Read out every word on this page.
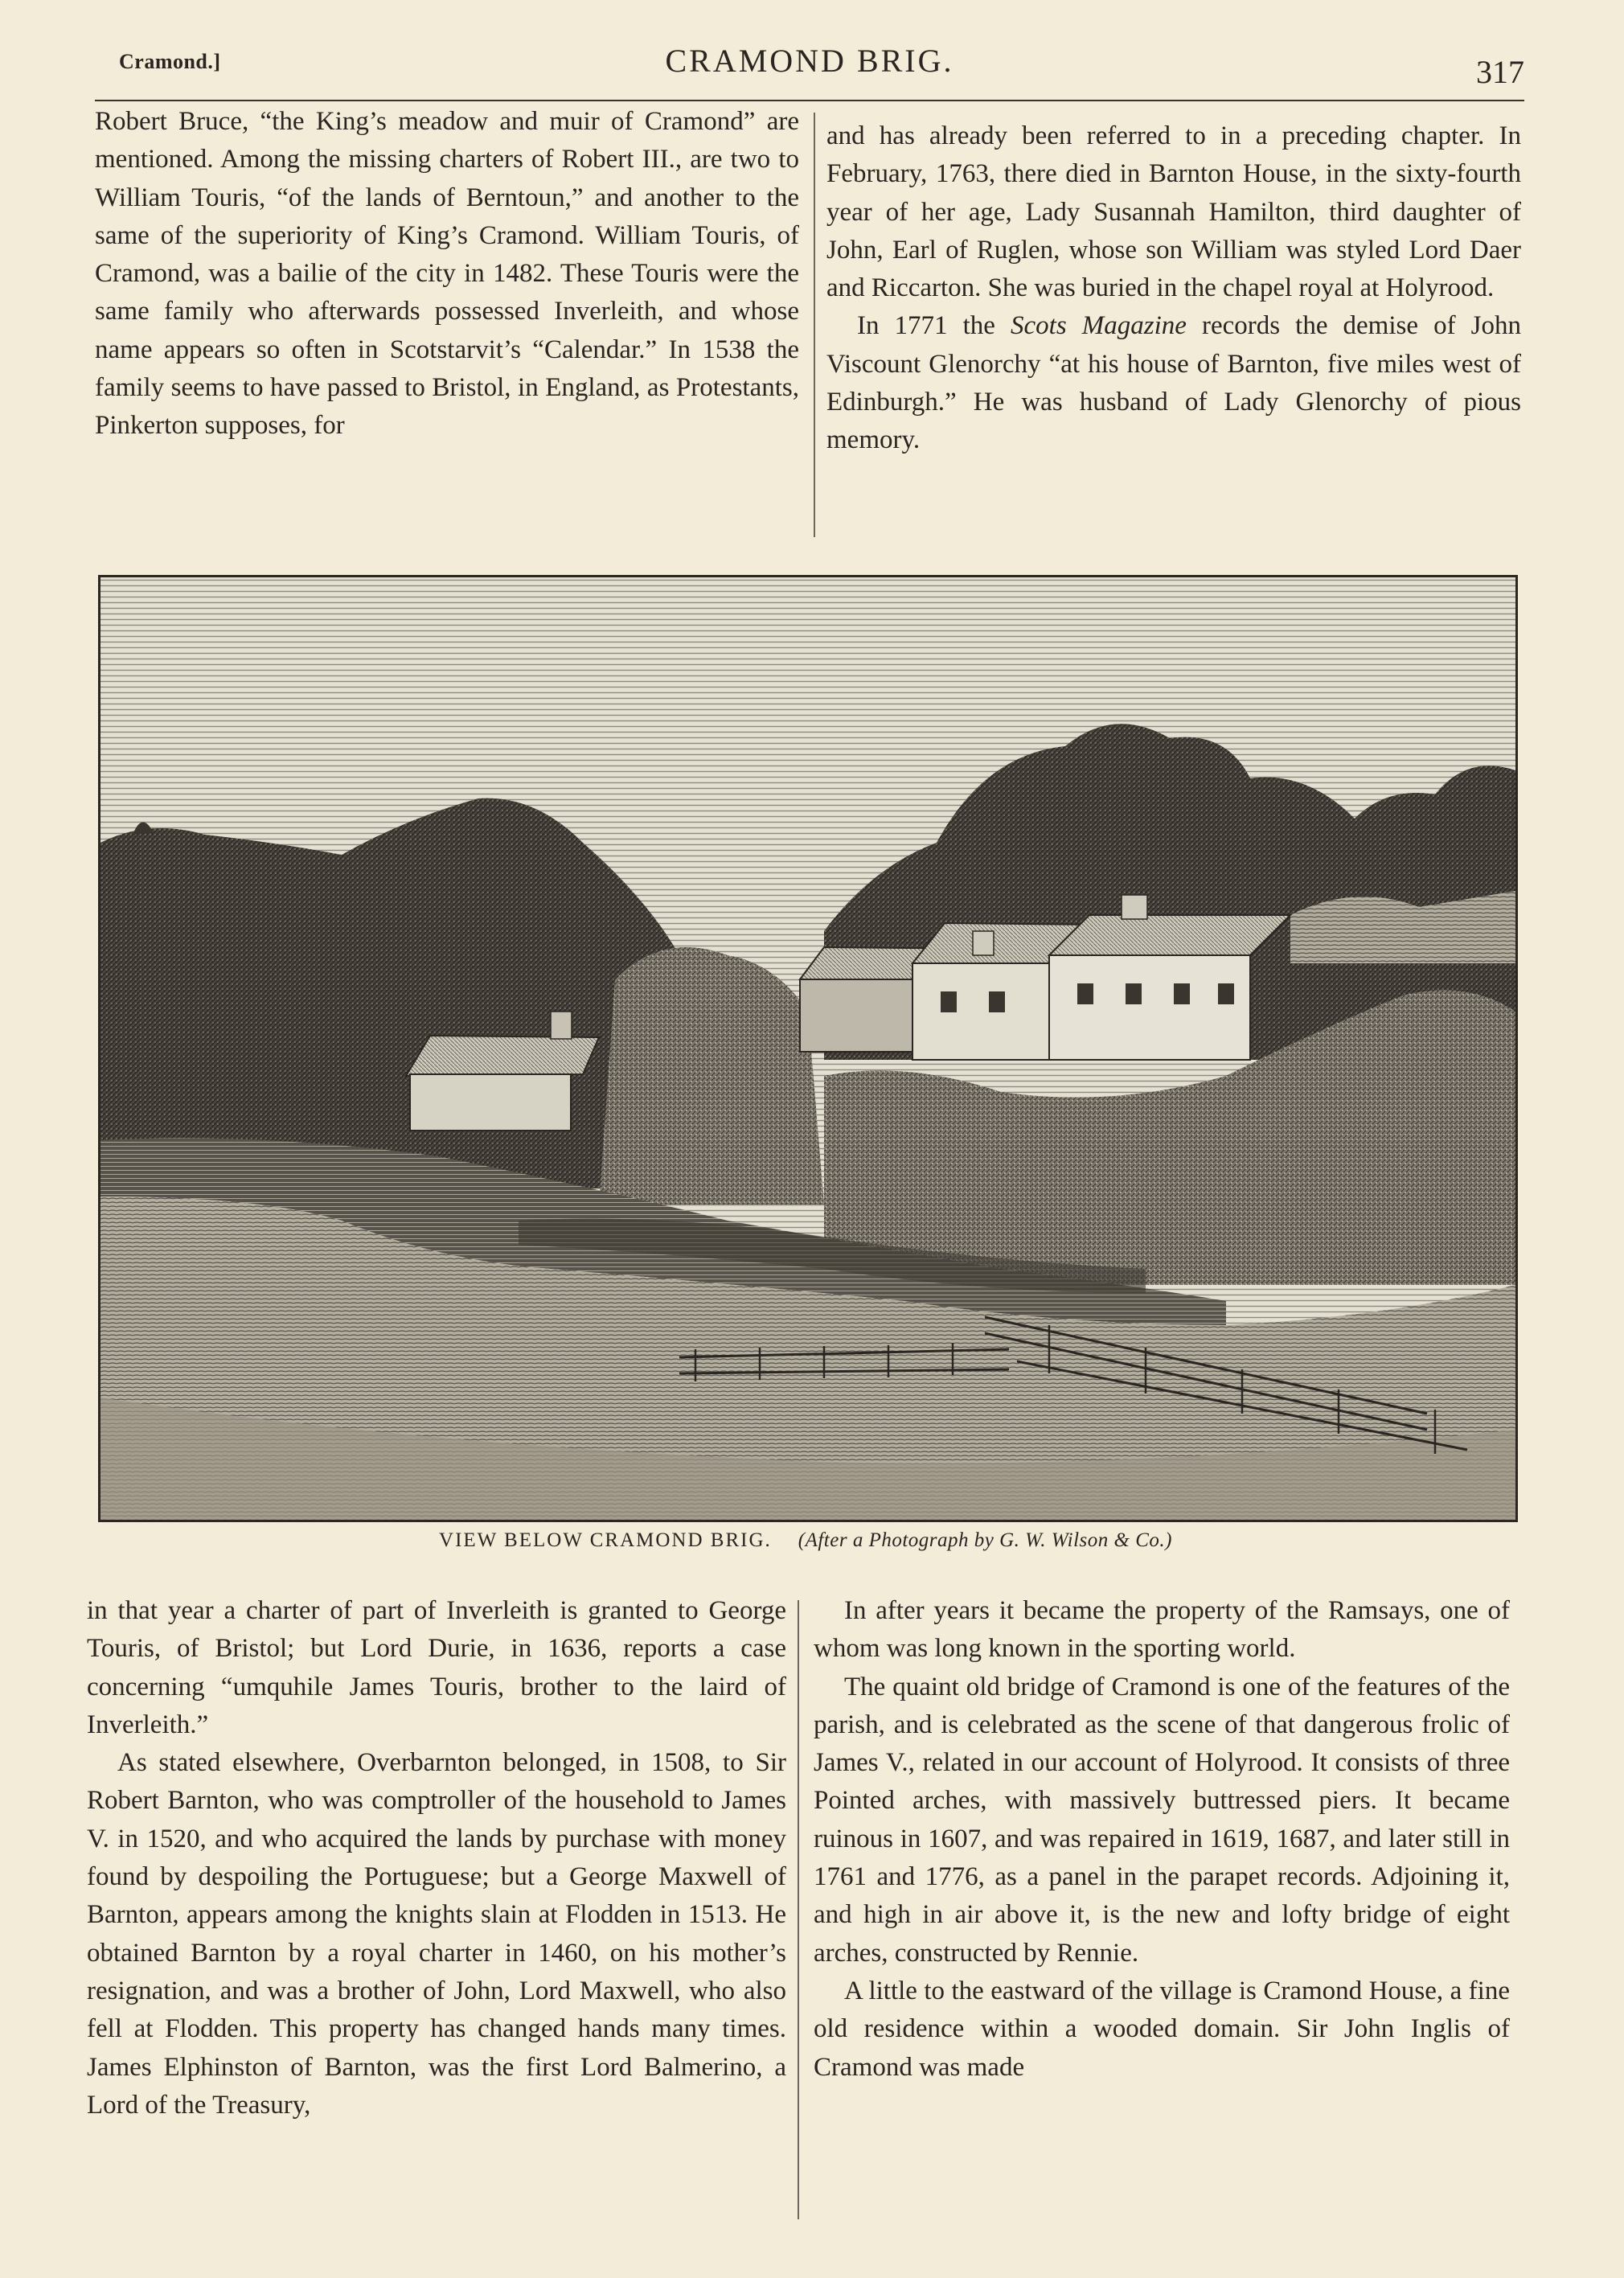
Cramond.]	CRAMOND BRIG.	317

Robert Bruce, “the King’s meadow and muir of Cramond” are mentioned. Among the missing charters of Robert III., are two to William Touris, “of the lands of Berntoun,” and another to the same of the superiority of King’s Cramond. William Touris, of Cramond, was a bailie of the city in 1482. These Touris were the same family who afterwards possessed Inverleith, and whose name appears so often in Scotstarvit’s “Calendar.” In 1538 the family seems to have passed to Bristol, in England, as Protestants, Pinkerton supposes, for

and has already been referred to in a preceding chapter. In February, 1763, there died in Barnton House, in the sixty-fourth year of her age, Lady Susannah Hamilton, third daughter of John, Earl of Ruglen, whose son William was styled Lord Daer and Riccarton. She was buried in the chapel royal at Holyrood.

In 1771 the Scots Magazine records the demise of John Viscount Glenorchy “at his house of Barnton, five miles west of Edinburgh.” He was husband of Lady Glenorchy of pious memory.

VIEW BELOW CRAMOND BRIG. (After a Photograph by G. W. Wilson & Co.)

in that year a charter of part of Inverleith is granted to George Touris, of Bristol; but Lord Durie, in 1636, reports a case concerning “umquhile James Touris, brother to the laird of Inverleith.”

As stated elsewhere, Overbarnton belonged, in 1508, to Sir Robert Barnton, who was comptroller of the household to James V. in 1520, and who acquired the lands by purchase with money found by despoiling the Portuguese; but a George Maxwell of Barnton, appears among the knights slain at Flodden in 1513. He obtained Barnton by a royal charter in 1460, on his mother’s resignation, and was a brother of John, Lord Maxwell, who also fell at Flodden. This property has changed hands many times. James Elphinston of Barnton, was the first Lord Balmerino, a Lord of the Treasury,

In after years it became the property of the Ramsays, one of whom was long known in the sporting world.

The quaint old bridge of Cramond is one of the features of the parish, and is celebrated as the scene of that dangerous frolic of James V., related in our account of Holyrood. It consists of three Pointed arches, with massively buttressed piers. It became ruinous in 1607, and was repaired in 1619, 1687, and later still in 1761 and 1776, as a panel in the parapet records. Adjoining it, and high in air above it, is the new and lofty bridge of eight arches, constructed by Rennie.

A little to the eastward of the village is Cramond House, a fine old residence within a wooded domain. Sir John Inglis of Cramond was made
